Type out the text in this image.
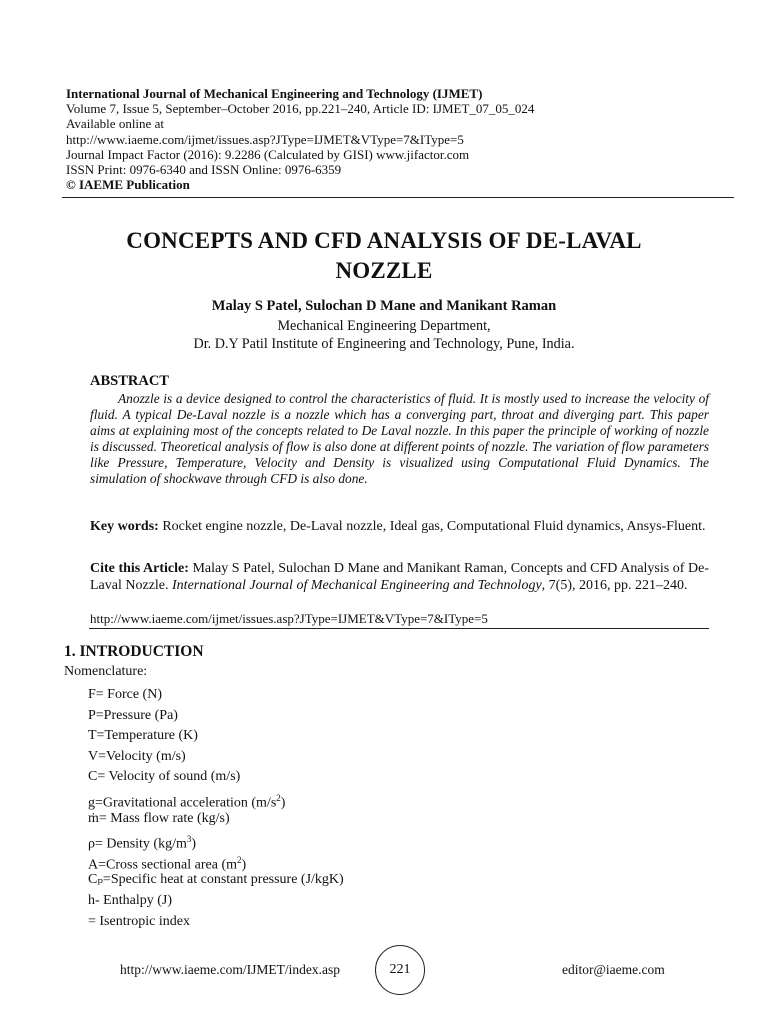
International Journal of Mechanical Engineering and Technology (IJMET)
Volume 7, Issue 5, September–October 2016, pp.221–240, Article ID: IJMET_07_05_024
Available online at
http://www.iaeme.com/ijmet/issues.asp?JType=IJMET&VType=7&IType=5
Journal Impact Factor (2016): 9.2286 (Calculated by GISI) www.jifactor.com
ISSN Print: 0976-6340 and ISSN Online: 0976-6359
© IAEME Publication
CONCEPTS AND CFD ANALYSIS OF DE-LAVAL
NOZZLE
Malay S Patel, Sulochan D Mane and Manikant Raman
Mechanical Engineering Department,
Dr. D.Y Patil Institute of Engineering and Technology, Pune, India.
ABSTRACT
Anozzle is a device designed to control the characteristics of fluid. It is mostly used to increase the velocity of fluid. A typical De-Laval nozzle is a nozzle which has a converging part, throat and diverging part. This paper aims at explaining most of the concepts related to De Laval nozzle. In this paper the principle of working of nozzle is discussed. Theoretical analysis of flow is also done at different points of nozzle. The variation of flow parameters like Pressure, Temperature, Velocity and Density is visualized using Computational Fluid Dynamics. The simulation of shockwave through CFD is also done.
Key words: Rocket engine nozzle, De-Laval nozzle, Ideal gas, Computational Fluid dynamics, Ansys-Fluent.
Cite this Article: Malay S Patel, Sulochan D Mane and Manikant Raman, Concepts and CFD Analysis of De-Laval Nozzle. International Journal of Mechanical Engineering and Technology, 7(5), 2016, pp. 221–240.
http://www.iaeme.com/ijmet/issues.asp?JType=IJMET&VType=7&IType=5
1. INTRODUCTION
Nomenclature:
F= Force (N)
P=Pressure (Pa)
T=Temperature (K)
V=Velocity (m/s)
C= Velocity of sound (m/s)
g=Gravitational acceleration $(m/s^2)$
ṁ= Mass flow rate (kg/s)
ρ= Density $(kg/m^3)$
A=Cross sectional area $(m^2)$
Cₚ=Specific heat at constant pressure (J/kgK)
h- Enthalpy (J)
= Isentropic index
http://www.iaeme.com/IJMET/index.asp	221	editor@iaeme.com
